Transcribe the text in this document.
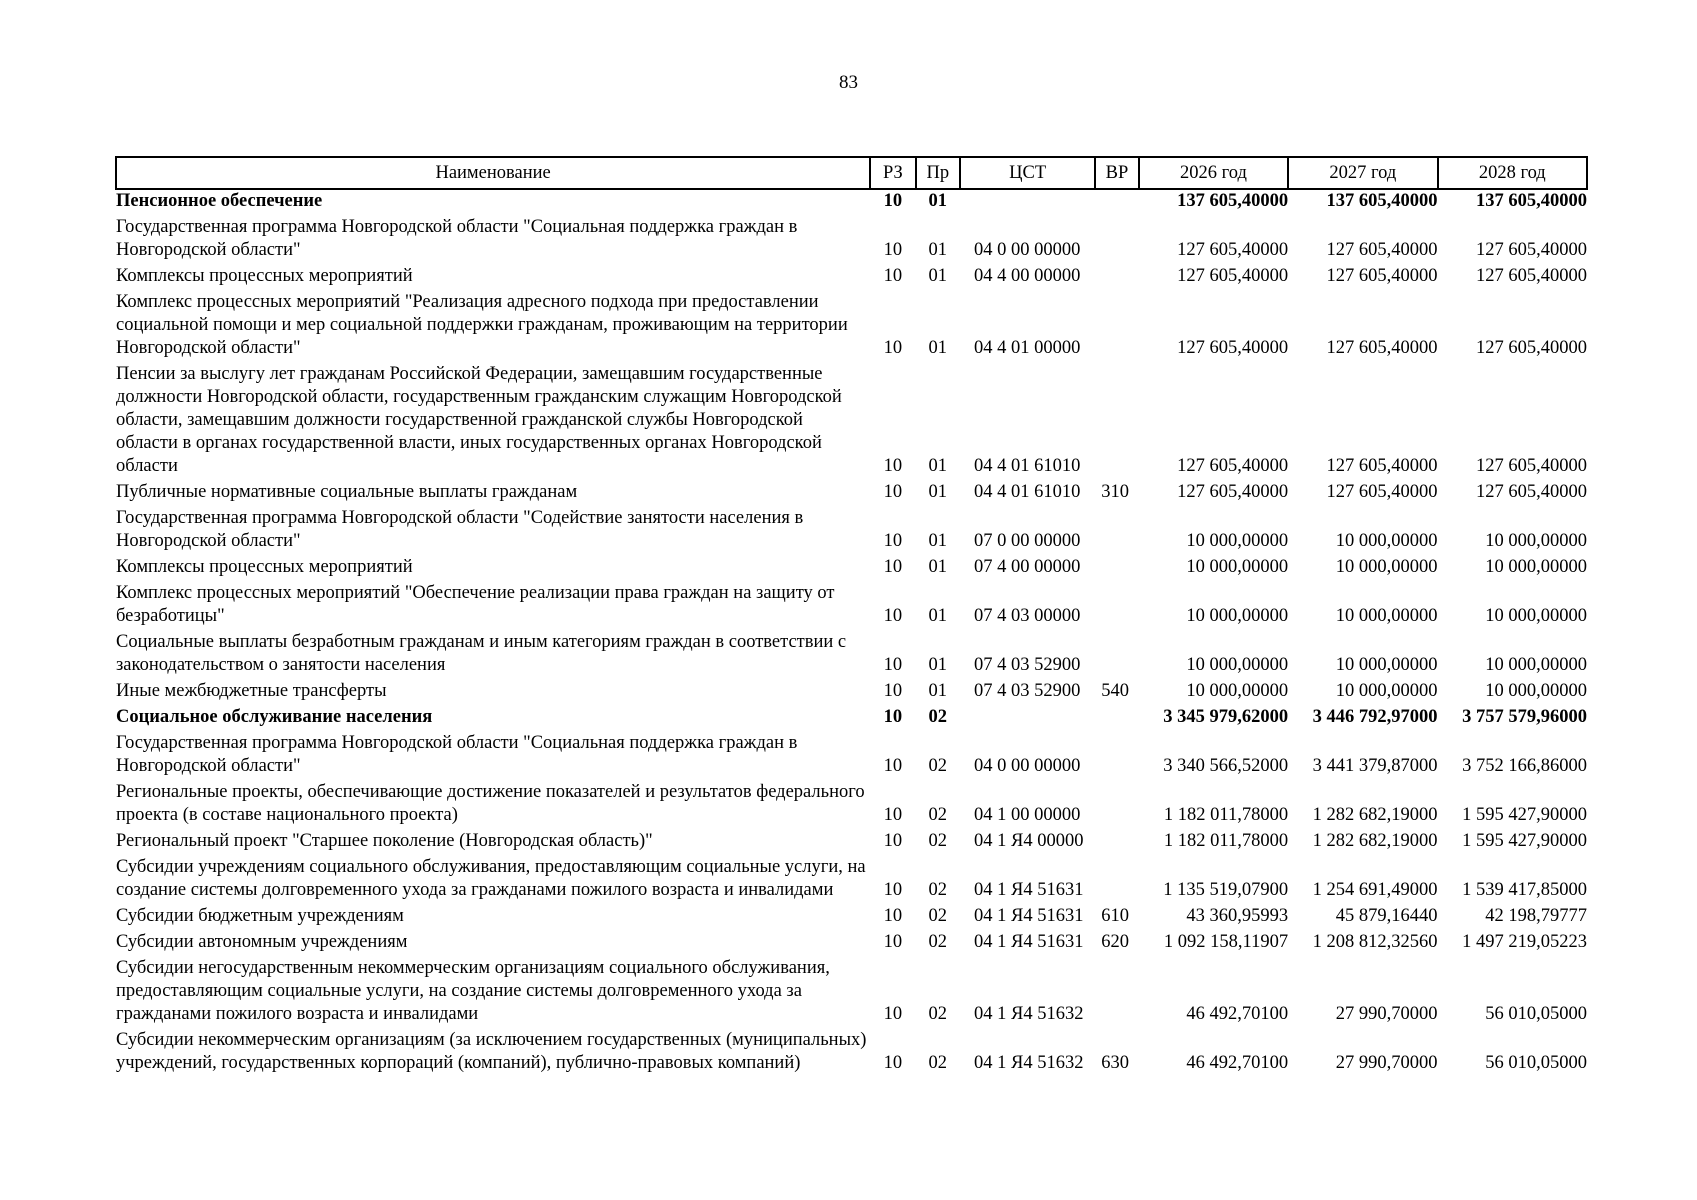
83
Наименование	РЗ	Пр	ЦСТ	ВР	2026 год	2027 год	2028 год
Пенсионное обеспечение	10	01			137 605,40000	137 605,40000	137 605,40000
Государственная программа Новгородской области "Социальная поддержка граждан в Новгородской области"	10	01	04 0 00 00000		127 605,40000	127 605,40000	127 605,40000
Комплексы процессных мероприятий	10	01	04 4 00 00000		127 605,40000	127 605,40000	127 605,40000
Комплекс процессных мероприятий "Реализация адресного подхода при предоставлении социальной помощи и мер социальной поддержки гражданам, проживающим на территории Новгородской области"	10	01	04 4 01 00000		127 605,40000	127 605,40000	127 605,40000
Пенсии за выслугу лет гражданам Российской Федерации, замещавшим государственные должности Новгородской области, государственным гражданским служащим Новгородской области, замещавшим должности государственной гражданской службы Новгородской области в органах государственной власти, иных государственных органах Новгородской области	10	01	04 4 01 61010		127 605,40000	127 605,40000	127 605,40000
Публичные нормативные социальные выплаты гражданам	10	01	04 4 01 61010	310	127 605,40000	127 605,40000	127 605,40000
Государственная программа Новгородской области "Содействие занятости населения в Новгородской области"	10	01	07 0 00 00000		10 000,00000	10 000,00000	10 000,00000
Комплексы процессных мероприятий	10	01	07 4 00 00000		10 000,00000	10 000,00000	10 000,00000
Комплекс процессных мероприятий "Обеспечение реализации права граждан на защиту от безработицы"	10	01	07 4 03 00000		10 000,00000	10 000,00000	10 000,00000
Социальные выплаты безработным гражданам и иным категориям граждан в соответствии с законодательством о занятости населения	10	01	07 4 03 52900		10 000,00000	10 000,00000	10 000,00000
Иные межбюджетные трансферты	10	01	07 4 03 52900	540	10 000,00000	10 000,00000	10 000,00000
Социальное обслуживание населения	10	02			3 345 979,62000	3 446 792,97000	3 757 579,96000
Государственная программа Новгородской области "Социальная поддержка граждан в Новгородской области"	10	02	04 0 00 00000		3 340 566,52000	3 441 379,87000	3 752 166,86000
Региональные проекты, обеспечивающие достижение показателей и результатов федерального проекта (в составе национального проекта)	10	02	04 1 00 00000		1 182 011,78000	1 282 682,19000	1 595 427,90000
Региональный проект "Старшее поколение (Новгородская область)"	10	02	04 1 Я4 00000		1 182 011,78000	1 282 682,19000	1 595 427,90000
Субсидии учреждениям социального обслуживания, предоставляющим социальные услуги, на создание системы долговременного ухода за гражданами пожилого возраста и инвалидами	10	02	04 1 Я4 51631		1 135 519,07900	1 254 691,49000	1 539 417,85000
Субсидии бюджетным учреждениям	10	02	04 1 Я4 51631	610	43 360,95993	45 879,16440	42 198,79777
Субсидии автономным учреждениям	10	02	04 1 Я4 51631	620	1 092 158,11907	1 208 812,32560	1 497 219,05223
Субсидии негосударственным некоммерческим организациям социального обслуживания, предоставляющим социальные услуги, на создание системы долговременного ухода за гражданами пожилого возраста и инвалидами	10	02	04 1 Я4 51632		46 492,70100	27 990,70000	56 010,05000
Субсидии некоммерческим организациям (за исключением государственных (муниципальных) учреждений, государственных корпораций (компаний), публично-правовых компаний)	10	02	04 1 Я4 51632	630	46 492,70100	27 990,70000	56 010,05000
